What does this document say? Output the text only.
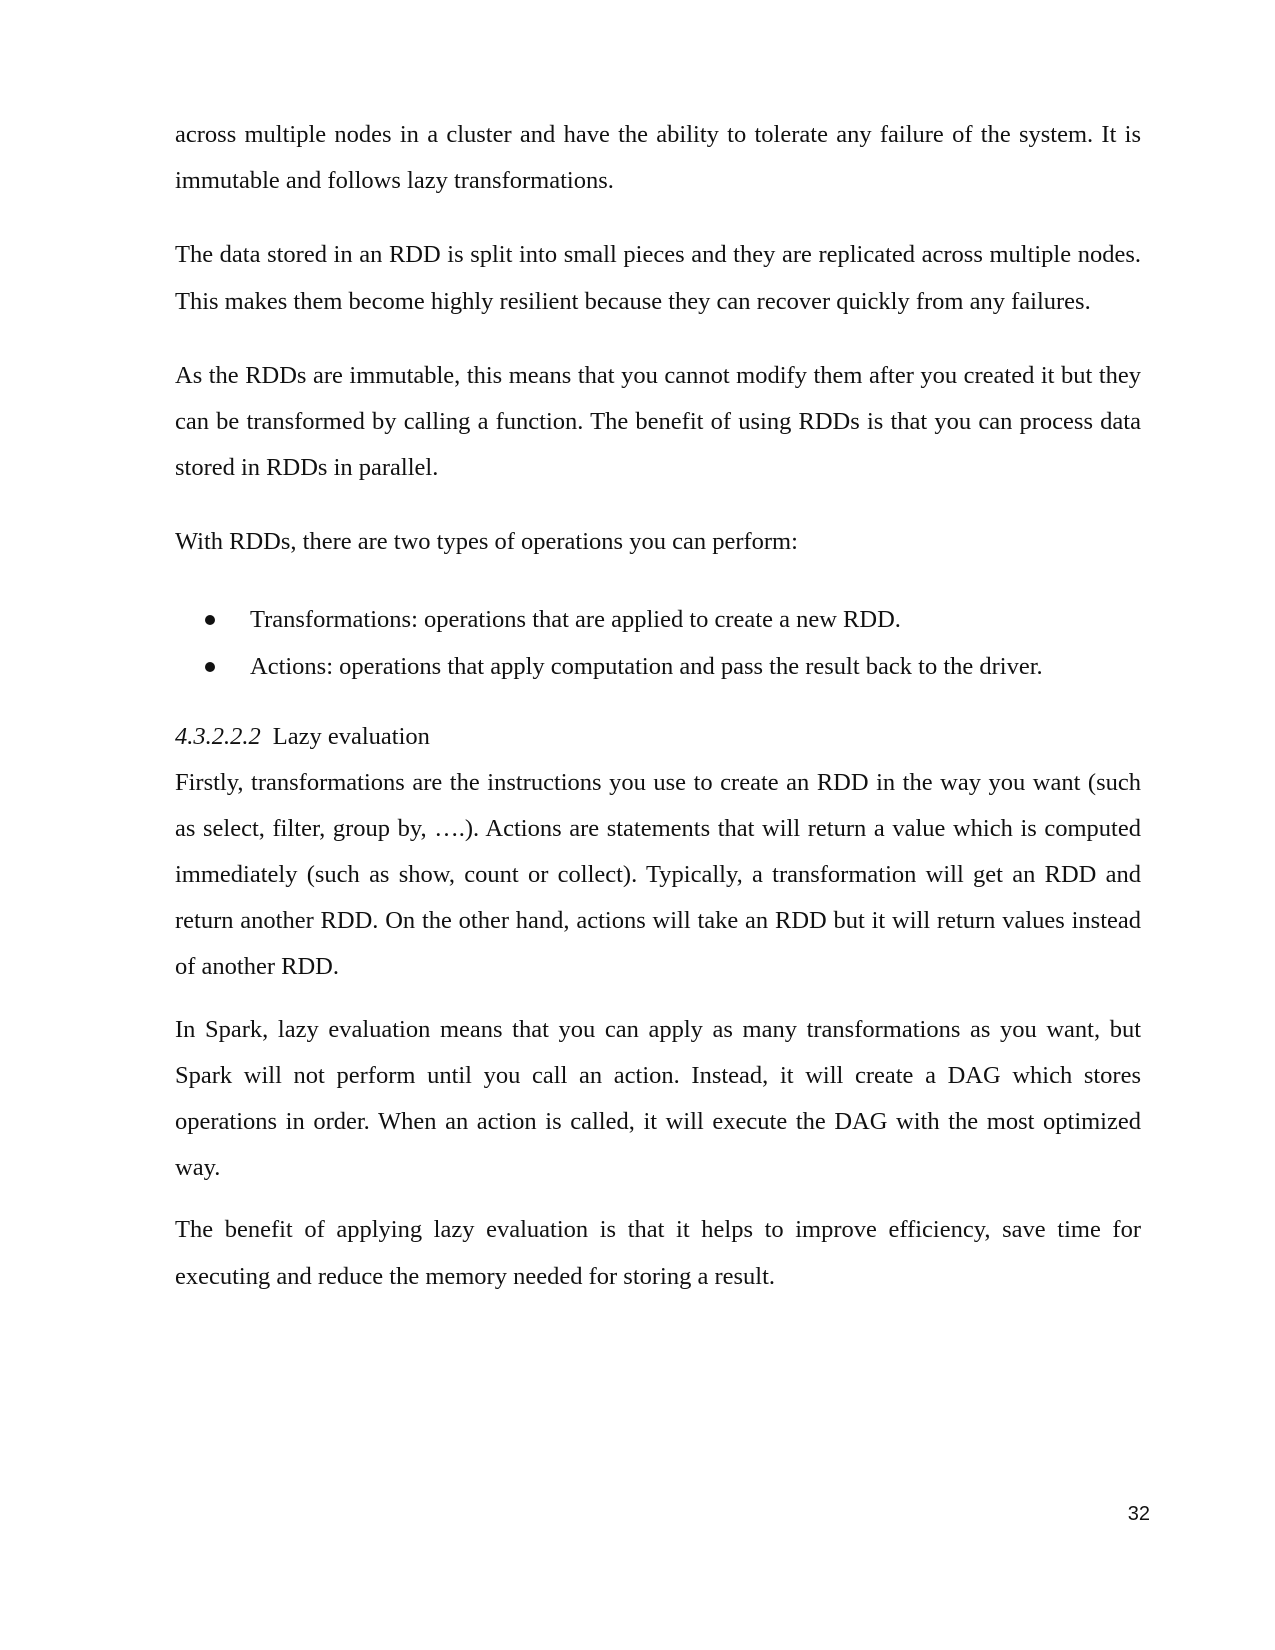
across multiple nodes in a cluster and have the ability to tolerate any failure of the system. It is immutable and follows lazy transformations.

The data stored in an RDD is split into small pieces and they are replicated across multiple nodes. This makes them become highly resilient because they can recover quickly from any failures.

As the RDDs are immutable, this means that you cannot modify them after you created it but they can be transformed by calling a function. The benefit of using RDDs is that you can process data stored in RDDs in parallel.

With RDDs, there are two types of operations you can perform:

Transformations: operations that are applied to create a new RDD.
Actions: operations that apply computation and pass the result back to the driver.
4.3.2.2.2 Lazy evaluation

Firstly, transformations are the instructions you use to create an RDD in the way you want (such as select, filter, group by, ….). Actions are statements that will return a value which is computed immediately (such as show, count or collect). Typically, a transformation will get an RDD and return another RDD. On the other hand, actions will take an RDD but it will return values instead of another RDD.

In Spark, lazy evaluation means that you can apply as many transformations as you want, but Spark will not perform until you call an action. Instead, it will create a DAG which stores operations in order. When an action is called, it will execute the DAG with the most optimized way.

The benefit of applying lazy evaluation is that it helps to improve efficiency, save time for executing and reduce the memory needed for storing a result.

32
